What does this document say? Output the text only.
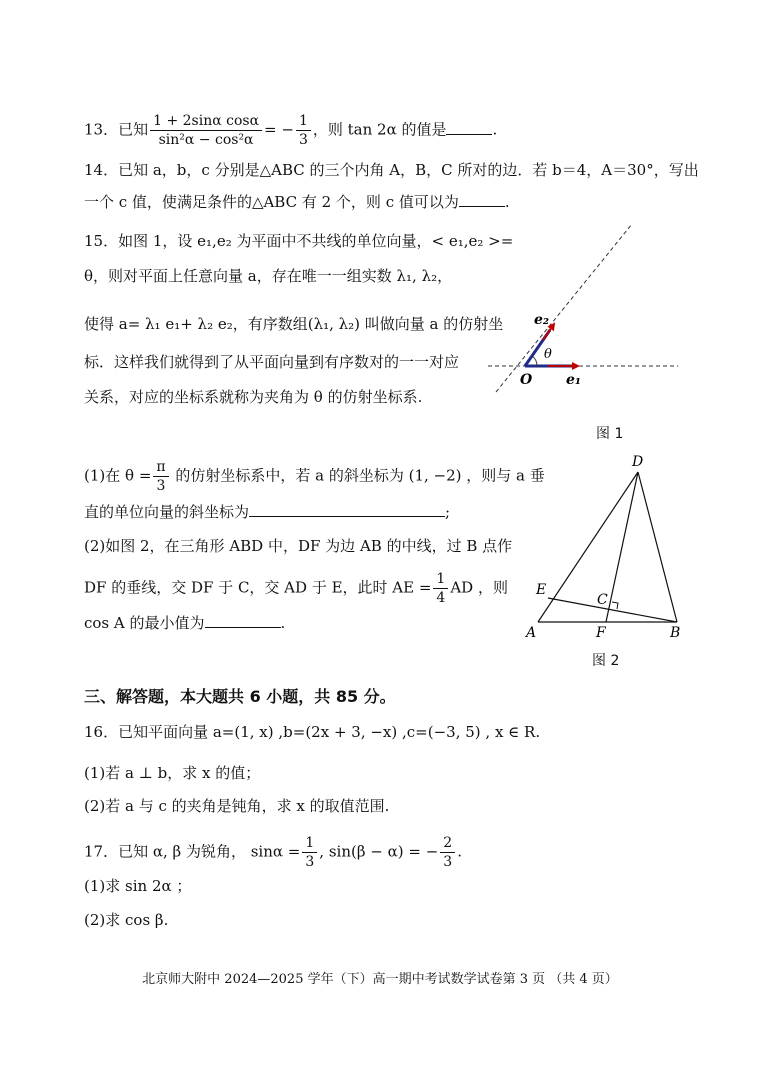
13．已知 $\frac{\text{1 + 2sinα cosα}}{\text{sin²α − cos²α}}$ = − $\frac{1}{3}$ ，则 tan 2α 的值是	.
14．已知 a，b，c 分别是△ABC 的三个内角 A，B，C 所对的边．若 b＝4，A＝30°，写出
一个 c 值，使满足条件的△ABC 有 2 个，则 c 值可以为	.
15．如图 1，设 e₁,e₂ 为平面中不共线的单位向量，< e₁,e₂ >=
θ，则对平面上任意向量 a，存在唯一一组实数 λ₁, λ₂，
使得 a= λ₁ e₁+ λ₂ e₂，有序数组(λ₁, λ₂) 叫做向量 a 的仿射坐
标．这样我们就得到了从平面向量到有序数对的一一对应
关系，对应的坐标系就称为夹角为 θ 的仿射坐标系.
O e₁
e₂
θ
图 1
(1)在 $\theta = \frac{\pi}{3}$ 的仿射坐标系中，若 a 的斜坐标为 (1, −2) ，则与 a 垂
直的单位向量的斜坐标为	;
(2)如图 2，在三角形 ABD 中，DF 为边 AB 的中线，过 B 点作
DF 的垂线，交 DF 于 C，交 AD 于 E，此时 AE = $\frac{1}{4}$ AD ，则
cos A 的最小值为	.
A	B
D
E
F
C
图 2
三、解答题，本大题共 6 小题，共 85 分。
16．已知平面向量 a=(1, x) ,b=(2x + 3, −x) ,c=(−3, 5) , x ∈ R.
(1)若 a ⊥ b，求 x 的值；
(2)若 a 与 c 的夹角是钝角，求 x 的取值范围.
17．已知 α, β 为锐角， $\sin\alpha = \frac{1}{3}$ , sin(β − α) = − $\frac{2}{3}$ .
(1)求 sin 2α ；
(2)求 cos β.
北京师大附中 2024—2025 学年（下）高一期中考试数学试卷第 3 页 （共 4 页）
